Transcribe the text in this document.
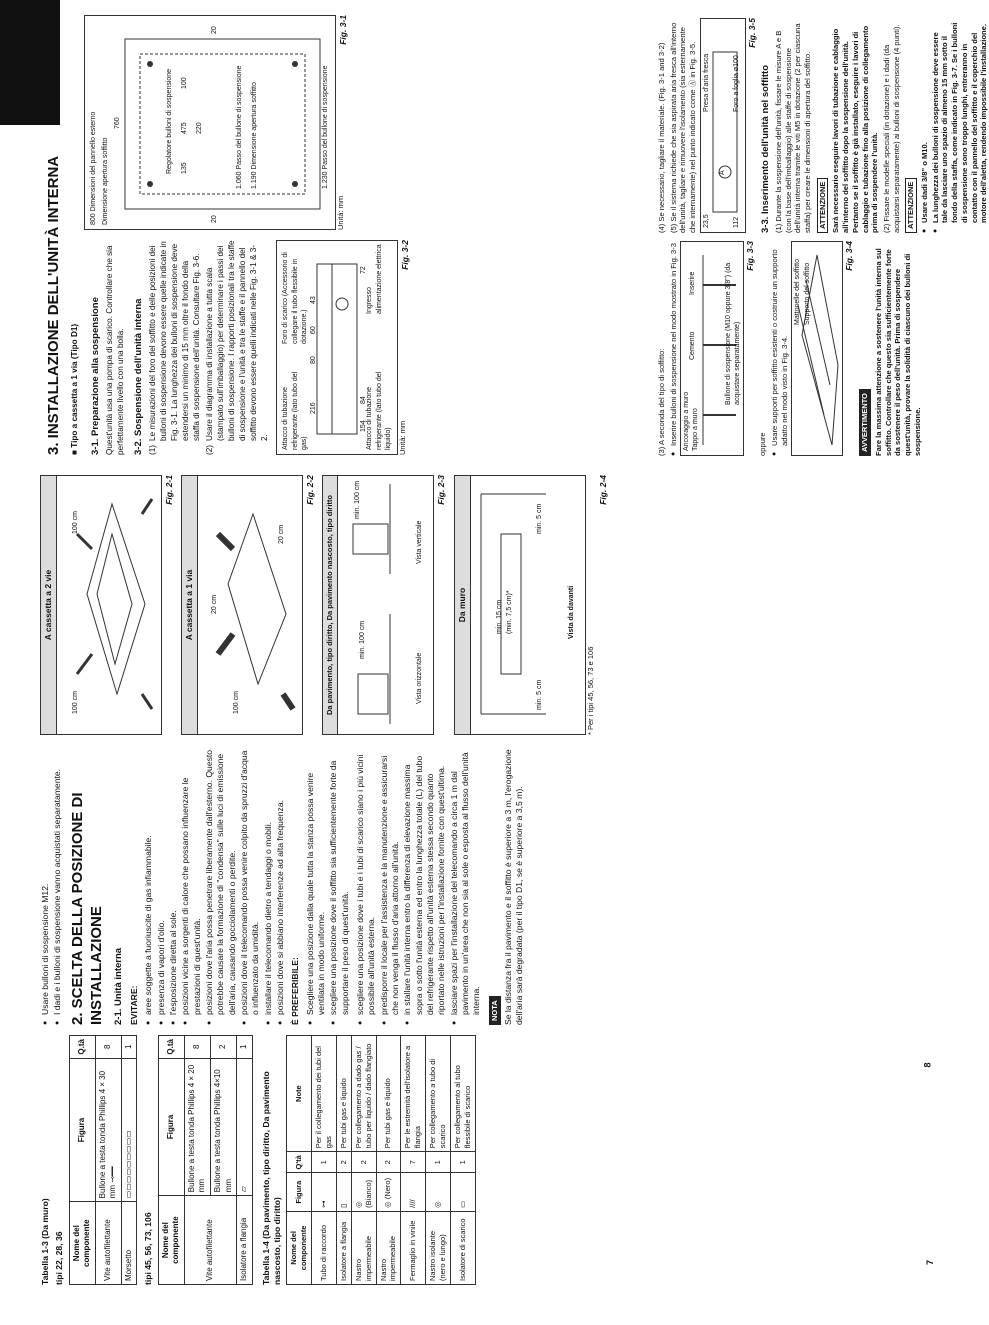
Tabella 1-3 (Da muro) tipi 22, 28, 36 Nome del componente	Figura	Q.tà
Vite autofilettante	Bullone a testa tonda Phillips 4 × 30 mm ⊸━━	8
Morsetto	▭▭▭▭▭▭▭▭▭	1

tipi 45, 56, 73, 106 Nome del componente	Figura	Q.tà
Vite autofilettante	Bullone a testa tonda Phillips 4 × 20 mm	8
	Bullone a testa tonda Phillips 4×10 mm	2
Isolatore a flangia	▱	1

Tabella 1-4 (Da pavimento, tipo diritto, Da pavimento nascosto, tipo diritto) Nome del componente	Figura	Q'tà	Note
Tubo di raccordo	⊶	1	Per il collegamento dei tubi del gas
Isolatore a flangia	▯	2	Per tubi gas e liquido
Nastro impermeabile	◎ (Bianco)	2	Per collegamento a dado gas / tubo per liquido / dado flangiato
Nastro impermeabile	◎ (Nero)	2	Per tubi gas e liquido
Fermaglio in vinile	////	7	Per le estremità dell'isolatore a flangia
Nastro isolante (nero e lungo)	◎	1	Per collegamento a tubo di scarico
Isolatore di scarico	▭	1	Per collegamento al tubo flessibile di scarico
● Usare bulloni di sospensione M12. ● I dadi e i bulloni di sospensione vanno acquistati separatamente. 2. SCELTA DELLA POSIZIONE DI INSTALLAZIONE 2-1. Unità interna EVITARE: ● aree soggette a fuoriuscite di gas infiammabile. ● presenza di vapori d'olio. ● l'esposizione diretta al sole. ● posizioni vicine a sorgenti di calore che possano influenzare le prestazioni di quest'unità. ● posizioni dove l'aria possa penetrare liberamente dall'esterno. Questo potrebbe causare la formazione di "condensa" sulle luci di emissione dell'aria, causando gocciolamenti o perdite. ● posizioni dove il telecomando possa venire colpito da spruzzi d'acqua o influenzato da umidità. ● installare il telecomando dietro a tendaggi o mobili. ● posizioni dove si abbiano interferenze ad alta frequenza. È PREFERIBILE: ● Scegliere una posizione dalla quale tutta la stanza possa venire ventilata in modo uniforme. ● scegliere una posizione dove il soffitto sia sufficientemente forte da supportare il peso di quest'unità. ● scegliere una posizione dove i tubi e i tubi di scarico siano i più vicini possibile all'unità esterna. ● predisporre il locale per l'assistenza e la manutenzione e assicurarsi che non venga il flusso d'aria attorno all'unità. ● in stallare l'unità interna entro la differenza di elevazione massima sopra o sotto l'unità esterna ed entro la lunghezza totale (L) del tubo del refrigerante rispetto all'unità esterna stessa secondo quanto riportato nelle istruzioni per l'installazione fornite con quest'ultima. ● lasciare spazi per l'installazione del telecomando a circa 1 m dal pavimento in un'area che non sia al sole o esposta al flusso dell'unità interna. NOTA Se la distanza fra il pavimento e il soffitto è superiore a 3 m, l'erogazione dell'aria sarà degradata (per il tipo D1, se è superiore a 3,5 m).

A cassetta a 2 vie
100 cm
100 cm
Fig. 2-1
A cassetta a 1 via
100 cm
20 cm
20 cm
Fig. 2-2
Da pavimento, tipo diritto, Da pavimento nascosto, tipo diritto	min. 100 cm
min. 100 cm
Vista orizzontale
Vista verticale
Fig. 2-3
Da muro	min. 15 cm (min. 7,5 cm)*
min. 5 cm
min. 5 cm
Vista da davanti
* Per i tipi 45, 56, 73 e 106
Fig. 2-4
3. INSTALLAZIONE DELL'UNITÀ INTERNA ■ Tipo a cassetta a 1 via (Tipo D1) 3-1. Preparazione alla sospensione Quest'unità usa una pompa di scarico. Controllare che sia perfettamente livello con una bolla. 3-2. Sospensione dell'unità interna (1)
Le misurazioni del foro del soffitto e delle posizioni dei bulloni di sospensione devono essere quelle indicate in Fig. 3-1. La lunghezza dei bulloni di sospensione deve estendersi un minimo di 15 mm oltre il fondo della staffa di sospensione dell'unità. Consultare Fig. 3-6.
(2)
Usare il diagramma di installazione a tutta scala (stampato sull'imballaggio) per determinare i passi dei bulloni di sospensione. I rapporti posizionali tra le staffe di sospensione e l'unità e tra le staffe e il pannello del soffitto devono essere quelli indicati nelle Fig. 3-1 & 3-2. Attacco di tubazione refrigerante (lato tubo del gas)	Attacco di tubazione refrigerante (lato tubo del liquido)
Foro di scarico (Accessorio di collegare il tubo flessibile in dotazione.)
Ingresso alimentazione elettrica
216
80
60
43
154
84
72
Unità: mm
Fig. 3-2
800 Dimensioni del pannello esterno Dimensione apertura soffitto
760	Regolatore bulloni di sospensione 135
475
100
220
20
20
1.060 Passo del bullone di sospensione 1.190 Dimensione apertura soffitto	1.230 Passo del bullone di sospensione
Unità: mm
Fig. 3-1
7

(3) A seconda del tipo di soffitto: ● Inserire bulloni di sospensione nel modo mostrato in Fig. 3-3 Ancoraggio a muro Tappo a muro
Cemento
Inserire	Bullone di sospensione (M10 oppure 3/8") (da acquistare separatamente)
Fig. 3-3

oppure ● Usare supporti per soffitto esistenti o costruire un supporto adatto nel modo visto in Fig. 3-4.
Mattonelle del soffitto Supporto del soffitto
Fig. 3-4
AVVERTIMENTO Fare la massima attenzione a sostenere l'unità interna sul soffitto. Controllare che questo sia sufficientemente forte da sostenere il peso dell'unità. Prima di sospendere quest'unità, provare la solidità di ciascuno dei bulloni di sospensione.

(4) Se necessario, tagliare il materiale. (Fig. 3-1 and 3-2) (5) Se il sistema richiede che sia aspirata aria fresca all'interno dell'unità, tagliare e rimuovere l'isolamento (sia esternamente che internamente) nel punto indicato come Ⓐ in Fig. 3-5. Presa d'aria fresca	Foro a foglia ø100
23,5	112
A
Fig. 3-5
3-3. Inserimento dell'unità nel soffitto (1) Durante la sospensione dell'unità, fissare le misure A e B (con la base dell'imballaggio) alle staffe di sospensione dell'unità interna tramite le viti M5 in dotazione (2 per ciascuna staffa) per creare le dimensioni di apertura del soffitto. ATTENZIONE Sarà necessario eseguire lavori di tubazione e cablaggio all'interno del soffitto dopo la sospensione dell'unità. Pertanto se il soffitto è già installato, eseguire i lavori di cablaggio e tubazione fino alla posizione di collegamento prima di sospendere l'unità. (2) Fissare le modelle speciali (in dotazione) e i dadi (da acquistarsi separatamente) ai bulloni di sospensione (4 punti). ATTENZIONE ● Usare dadi 3/8" o M10. ● La lunghezza dei bulloni di sospensione deve essere tale da lasciare uno spazio di almeno 15 mm sotto il fondo della staffa, come indicato in Fig. 3-7. Se i bulloni di sospensione sono troppo lunghi, entreranno in contatto con il pannello del soffitto e il coperchio del motore dell'aletta, rendendo impossibile l'installazione.
8
